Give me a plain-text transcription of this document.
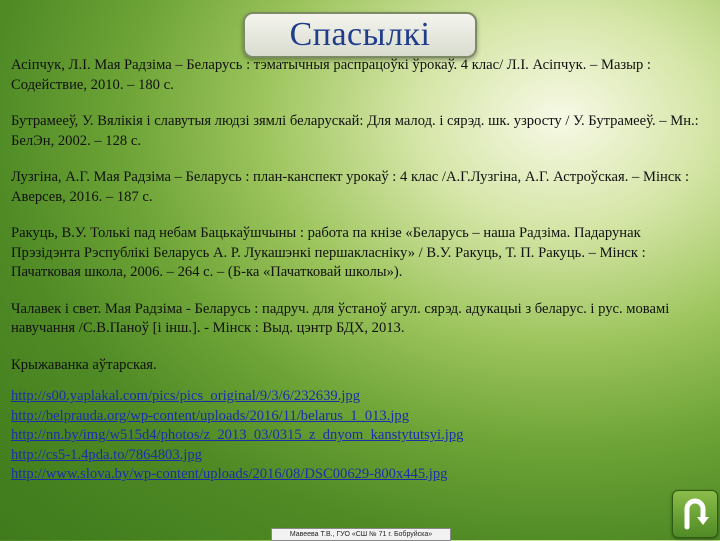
Спасылкі

Асіпчук, Л.І. Мая Радзіма – Беларусь : тэматычныя распрацоўкі ўрокаў. 4 клас/ Л.І. Асіпчук. – Мазыр : Содействие, 2010. – 180 с.

Бутрамееў, У. Вялікія і славутыя людзі зямлі беларускай: Для малод. і сярэд. шк. узросту / У. Бутрамееў. – Мн.: БелЭн, 2002. – 128 с.

Лузгіна, А.Г. Мая Радзіма – Беларусь : план-канспект урокаў : 4 клас /А.Г.Лузгіна, А.Г. Астроўская. – Мінск : Аверсев, 2016. – 187 с.

Ракуць, В.У. Толькі пад небам Бацькаўшчыны : работа па кнізе «Беларусь – наша Радзіма. Падарунак Прэзідэнта Рэспублікі Беларусь А. Р. Лукашэнкі першакласніку» / В.У. Ракуць, Т. П. Ракуць. – Мінск : Пачатковая школа, 2006. – 264 с. – (Б-ка «Пачатковай школы»).

Чалавек і свет. Мая Радзіма - Беларусь : падруч. для ўстаноў агул. сярэд. адукацыі з беларус. і рус. мовамі навучання /С.В.Панoў [і інш.]. - Мінск : Выд. цэнтр БДХ, 2013.

Крыжаванка аўтарская.

http://s00.yaplakal.com/pics/pics_original/9/3/6/232639.jpg
http://belprauda.org/wp-content/uploads/2016/11/belarus_1_013.jpg
http://nn.by/img/w515d4/photos/z_2013_03/0315_z_dnyom_kanstytutsyi.jpg
http://cs5-1.4pda.to/7864803.jpg
http://www.slova.by/wp-content/uploads/2016/08/DSC00629-800x445.jpg
Мавеева Т.В., ГУО «СШ № 71 г. Бобруйска»
